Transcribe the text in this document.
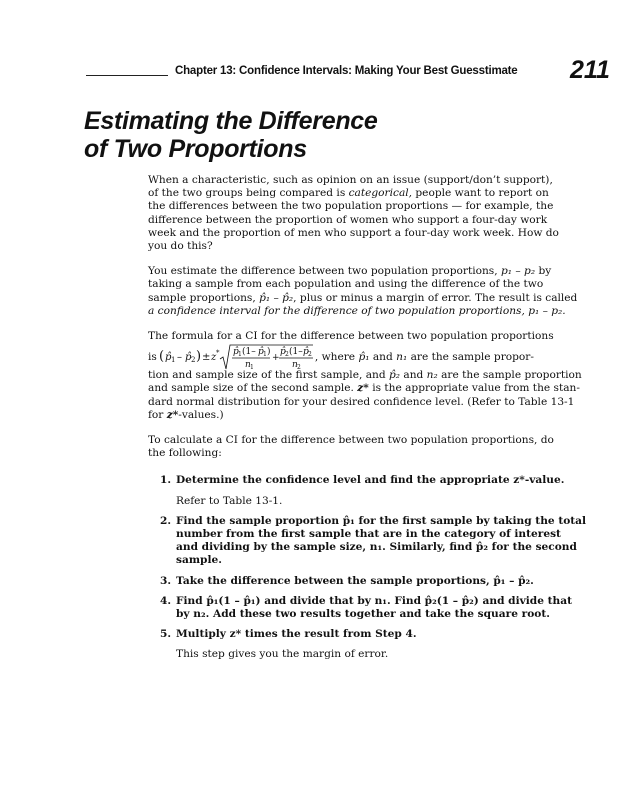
Chapter 13: Confidence Intervals: Making Your Best Guesstimate 211
Estimating the Difference
of Two Proportions
When a characteristic, such as opinion on an issue (support/don’t support),
of the two groups being compared is categorical, people want to report on
the differences between the two population proportions — for example, the
difference between the proportion of women who support a four-day work
week and the proportion of men who support a four-day work week. How do
you do this?
You estimate the difference between two population proportions, p₁ – p₂ by
taking a sample from each population and using the difference of the two
sample proportions, p̂₁ – p̂₂, plus or minus a margin of error. The result is called
a confidence interval for the difference of two population proportions, p₁ – p₂.
The formula for a CI for the difference between two population proportions
is ( p̂ 1 – p̂ 2 ) ± z * p̂ 1 (1– p̂ 1 )
n 1
+
p̂ 2 (1– p̂ 2
n 2
, where p̂₁ and n₁ are the sample propor-
tion and sample size of the first sample, and p̂₂ and n₂ are the sample proportion
and sample size of the second sample. z* is the appropriate value from the stan-
dard normal distribution for your desired confidence level. (Refer to Table 13-1
for z*-values.)
To calculate a CI for the difference between two population proportions, do
the following:
1. Determine the confidence level and find the appropriate z*-value.
Refer to Table 13-1.
2. Find the sample proportion p̂₁ for the first sample by taking the total
number from the first sample that are in the category of interest
and dividing by the sample size, n₁. Similarly, find p̂₂ for the second
sample.
3. Take the difference between the sample proportions, p̂₁ – p̂₂.
4. Find p̂₁(1 – p̂₁) and divide that by n₁. Find p̂₂(1 – p̂₂) and divide that
by n₂. Add these two results together and take the square root.
5. Multiply z* times the result from Step 4.
This step gives you the margin of error.
